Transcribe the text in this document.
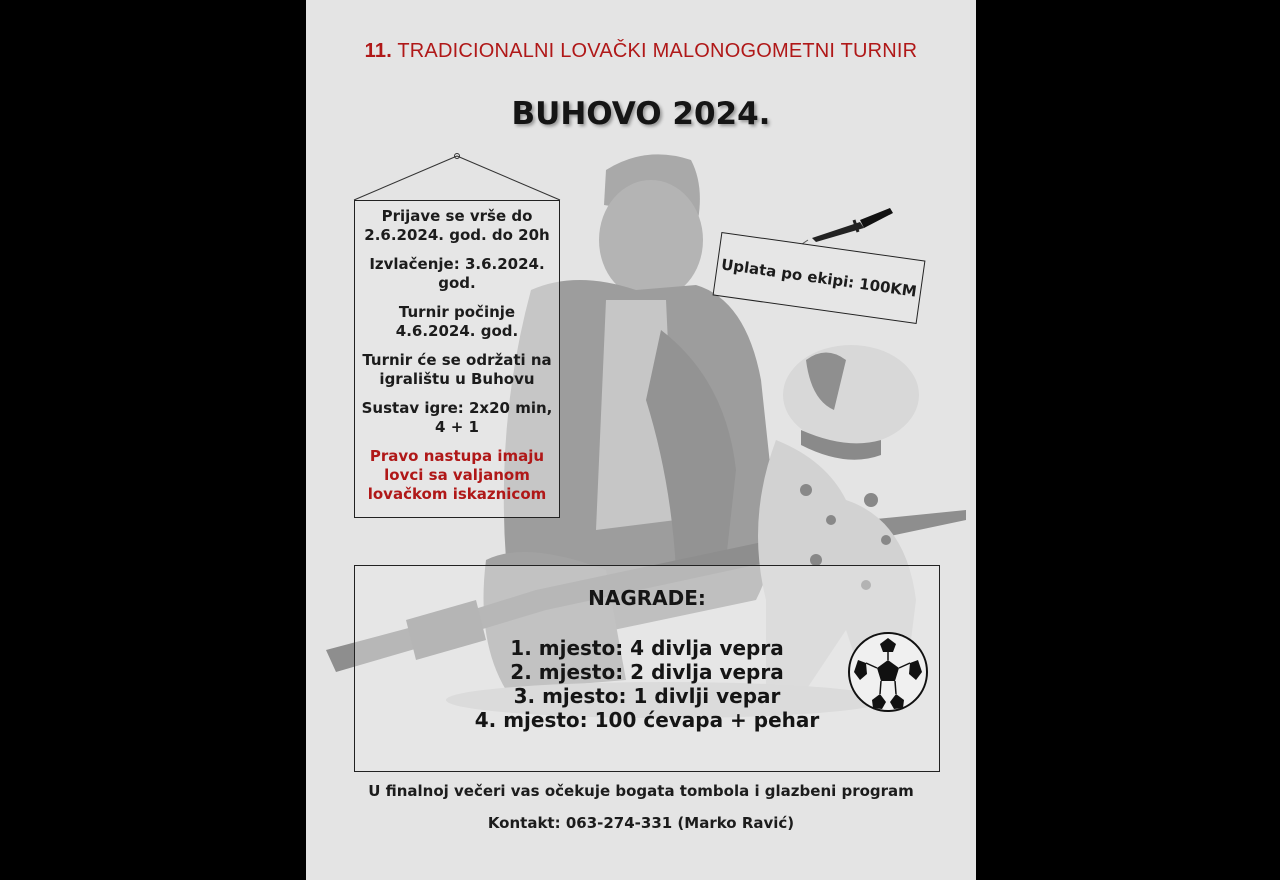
11. TRADICIONALNI LOVAČKI MALONOGOMETNI TURNIR
BUHOVO 2024.

Prijave se vrše do 2.6.2024. god. do 20h

Izvlačenje: 3.6.2024. god.

Turnir počinje 4.6.2024. god.

Turnir će se održati na igralištu u Buhovu

Sustav igre: 2x20 min, 4 + 1

Pravo nastupa imaju lovci sa valjanom lovačkom iskaznicom

Uplata po ekipi: 100KM
NAGRADE:
1. mjesto: 4 divlja vepra
2. mjesto: 2 divlja vepra
3. mjesto: 1 divlji vepar
4. mjesto: 100 ćevapa + pehar
U finalnoj večeri vas očekuje bogata tombola i glazbeni program
Kontakt: 063-274-331 (Marko Ravić)
